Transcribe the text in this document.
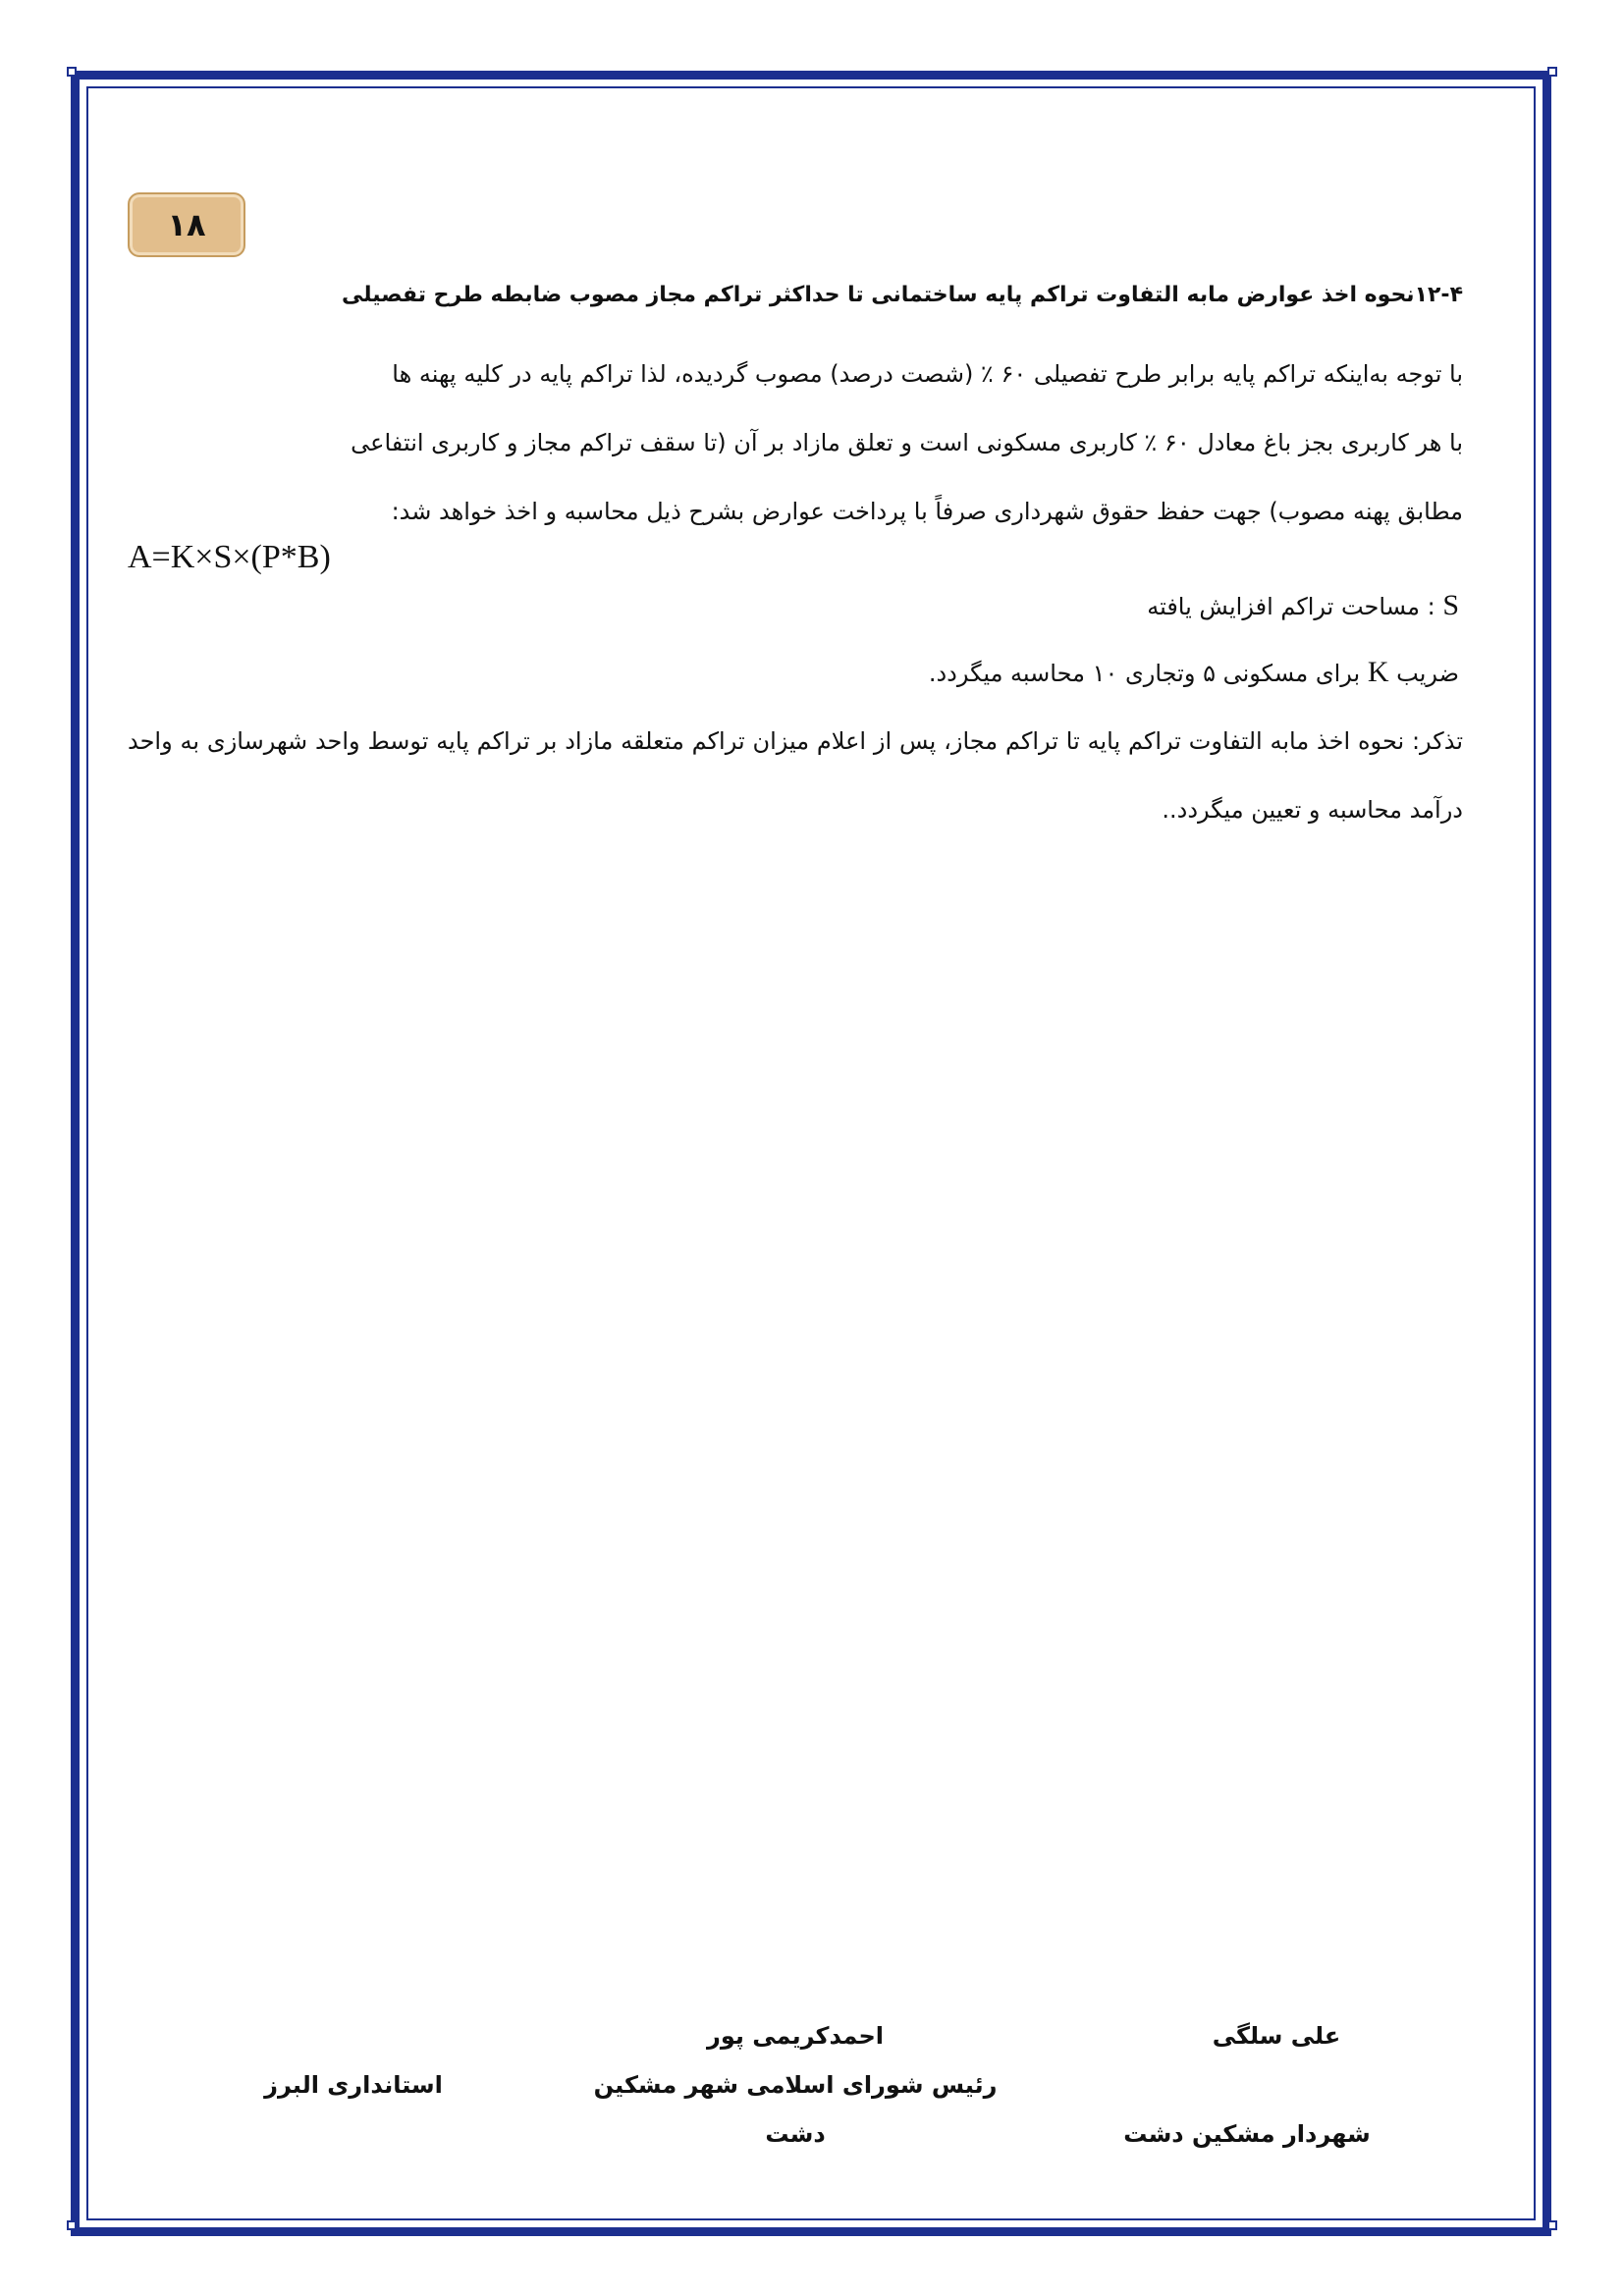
۱۸
۱۲-۴نحوه اخذ عوارض مابه التفاوت تراکم پایه ساختمانی تا حداکثر تراکم مجاز مصوب ضابطه طرح تفصیلی
با توجه به‌اینکه تراکم پایه برابر طرح تفصیلی ۶۰ ٪ (شصت درصد) مصوب گردیده، لذا تراکم پایه در کلیه پهنه ها
با هر کاربری بجز باغ معادل ۶۰ ٪ کاربری مسکونی است و تعلق مازاد بر آن (تا سقف تراکم مجاز و کاربری انتفاعی
مطابق پهنه مصوب) جهت حفظ حقوق شهرداری صرفاً با پرداخت عوارض بشرح ذیل محاسبه و اخذ خواهد شد:
A=K×S×(P*B)
S : مساحت تراکم افزایش یافته
ضریب K برای مسکونی ۵ وتجاری ۱۰ محاسبه میگردد.
تذکر: نحوه اخذ مابه التفاوت تراکم پایه تا تراکم مجاز، پس از اعلام میزان تراکم متعلقه مازاد بر تراکم پایه توسط واحد شهرسازی به واحد درآمد محاسبه و تعیین میگردد..
علی سلگی
شهردار مشکین دشت
احمدکریمی پور
رئیس شورای اسلامی شهر مشکین
دشت
استانداری البرز
